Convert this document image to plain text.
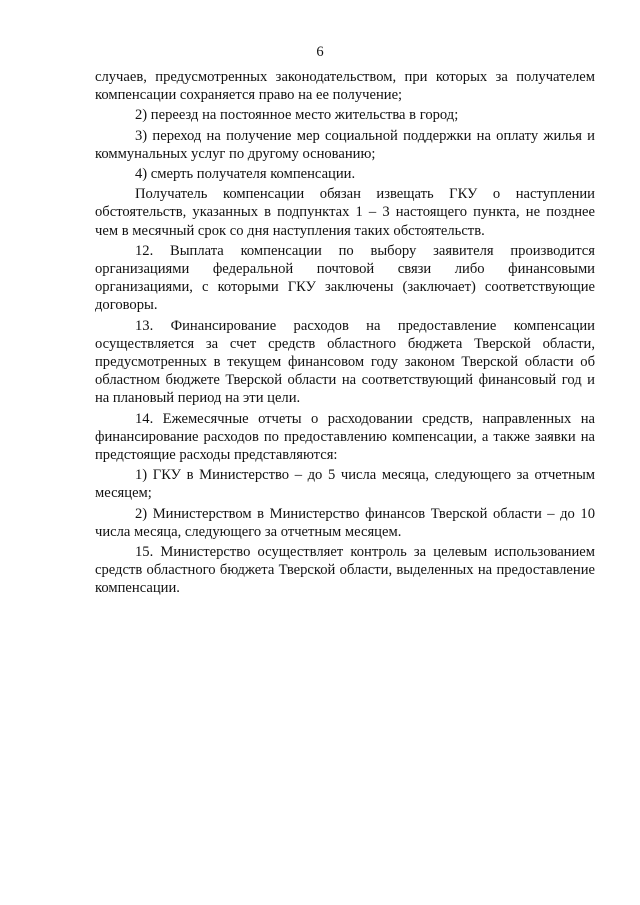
6

случаев, предусмотренных законодательством, при которых за получателем компенсации сохраняется право на ее получение;

2) переезд на постоянное место жительства в город;

3) переход на получение мер социальной поддержки на оплату жилья и коммунальных услуг по другому основанию;

4) смерть получателя компенсации.

Получатель компенсации обязан извещать ГКУ о наступлении обстоятельств, указанных в подпунктах 1 – 3 настоящего пункта, не позднее чем в месячный срок со дня наступления таких обстоятельств.

12. Выплата компенсации по выбору заявителя производится организациями федеральной почтовой связи либо финансовыми организациями, с которыми ГКУ заключены (заключает) соответствующие договоры.

13. Финансирование расходов на предоставление компенсации осуществляется за счет средств областного бюджета Тверской области, предусмотренных в текущем финансовом году законом Тверской области об областном бюджете Тверской области на соответствующий финансовый год и на плановый период на эти цели.

14. Ежемесячные отчеты о расходовании средств, направленных на финансирование расходов по предоставлению компенсации, а также заявки на предстоящие расходы представляются:

1) ГКУ в Министерство – до 5 числа месяца, следующего за отчетным месяцем;

2) Министерством в Министерство финансов Тверской области – до 10 числа месяца, следующего за отчетным месяцем.

15. Министерство осуществляет контроль за целевым использованием средств областного бюджета Тверской области, выделенных на предоставление компенсации.
